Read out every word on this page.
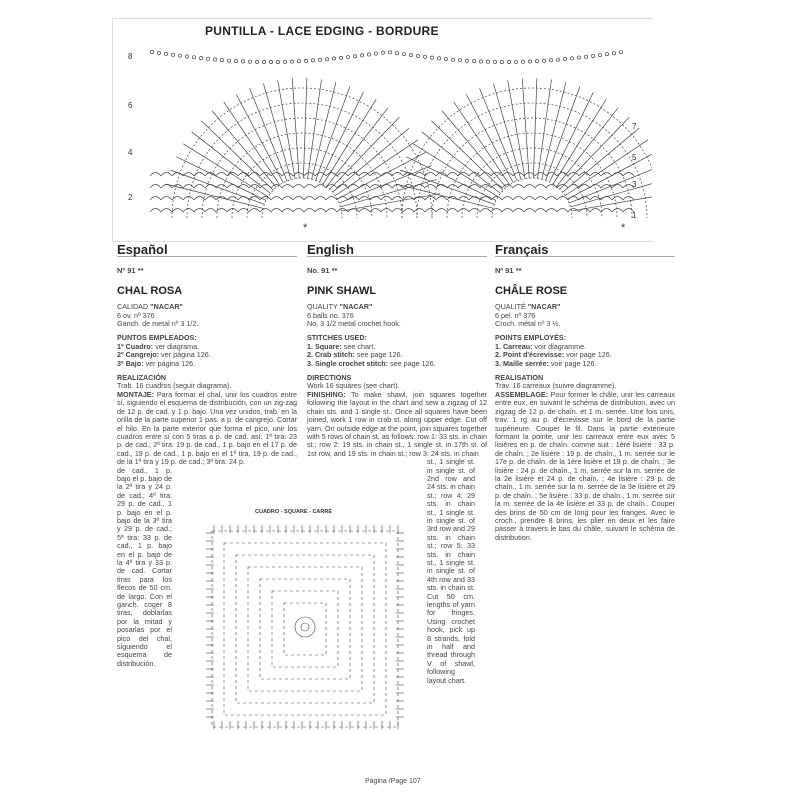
PUNTILLA - LACE EDGING - BORDURE
8
6
4
2
7
5
3
1
*	*
Español
Nº 91 **
CHAL ROSA
CALIDAD "NACAR"
6 ov. nº 376
Ganch. de metal nº 3 1/2.
PUNTOS EMPLEADOS:
1º Cuadro: ver diagrama.
2º Cangrejo: ver página 126.
3º Bajo: ver página 126.
REALIZACIÓN
Trab. 16 cuadros (seguir diagrama).
MONTAJE: Para formar el chal, unir los cuadros entre sí, siguiendo el esquema de distribución, con un zig-zag de 12 p. de cad. y 1 p. bajo. Una vez unidos, trab. en la orilla de la parte superior 1 pas. a p. de cangrejo. Cortar el hilo. En la parte exterior que forma el pico, unir los cuadros entre sí con 5 tiras a p. de cad. así: 1ª tira: 23 p. de cad.; 2ª tira: 19 p. de cad., 1 p. bajo en el 17 p. de cad., 19 p. de cad., 1 p. bajo en el 1ª tira, 19 p. de cad., de la 1ª tira y 19 p. de cad.; 3ª tira: 24 p.
de cad., 1 p. bajo el p. bajo de la 2ª tira y 24 p. de cad.; 4ª tira: 29 p. de cad., 1 p. bajo en el p. bajo de la 3ª tira y 29 p. de cad.; 5ª tira: 33 p. de cad., 1 p. bajo en el p. bajo de la 4ª tira y 33 p. de cad. Cortar tiras para los flecos de 50 cm. de largo. Con el ganch. coger 8 tiras, doblarlas por la mitad y posarlas por el pico del chal, siguiendo el esquema de distribución.
English
No. 91 **
PINK SHAWL
QUALITY "NACAR"
6 balls no. 376
No. 3 1/2 metal crochet hook.
STITCHES USED:
1. Square: see chart.
2. Crab stitch: see page 126.
3. Single crochet stitch: see page 126.
DIRECTIONS
Work 16 squares (see chart).
FINISHING: To make shawl, join squares together following the layout in the chart and sew a zigzag of 12 chain sts. and 1 single st.. Once all squares have been joined, work 1 row in crab st. along upper edge. Cut off yarn. On outside edge at the point, join squares together with 5 rows of chain st. as follows: row 1: 33 sts. in chain st.; row 2: 19 sts. in chain st., 1 single st. in 17th st. of 1st row, and 19 sts. in chain st.; row 3: 24 sts. in chain
st., 1 single st. in single st. of 2nd row and 24 sts. in chain st.; row 4: 29 sts. in chain st., 1 single st. in single st. of 3rd row and 29 sts. in chain st.; row 5: 33 sts. in chain st., 1 single st. in single st. of 4th row and 33 sts. in chain st. Cut 50 cm. lengths of yarn for fringes. Using crochet hook, pick up 8 strands, fold in half and thread through V of shawl, following layout chart.
Français
Nº 91 **
CHÂLE ROSE
QUALITÉ "NACAR"
6 pel. nº 376
Croch. métal nº 3 ½.
POINTS EMPLOYÉS:
1. Carreau: voir diagramme.
2. Point d'écrevisse: voir page 126.
3. Maille serrée: voir page 126.
REALISATION
Trav. 16 carreaux (suivre diagramme).
ASSEMBLAGE: Pour former le châle, unir les carreaux entre eux, en suivant le schéma de distribution, avec un zigzag de 12 p. de chaîn. et 1 m. serrée. Une fois unis, trav. 1 rg au p. d'écrevisse sur le bord de la partie supérieure. Couper le fil. Dans la partie extérieure formant la pointe, unir les carreaux entre eux avec 5 lisières en p. de chaîn. comme suit : 1ère lisière : 33 p. de chaîn. ; 2e lisière : 19 p. de chaîn., 1 m. serrée sur le 17e p. de chaîn. de la 1ère lisière et 19 p. de chaîn. ; 3e lisière : 24 p. de chaîn., 1 m. serrée sur la m. serrée de la 2e lisière et 24 p. de chaîn. ; 4e lisière : 29 p. de chaîn., 1 m. serrée sur la m. serrée de la 3e lisière et 29 p. de chaîn. ; 5e lisière : 33 p. de chaîn., 1 m. serrée sur la m. serrée de la 4e lisière et 33 p. de chaîn.. Couper des brins de 50 cm de long pour les franges. Avec le croch., prendre 8 brins, les plier en deux et les faire passer à travers le bas du châle, suivant le schéma de distribution.
CUADRO - SQUARE - CARRÉ
Página /Page 107
